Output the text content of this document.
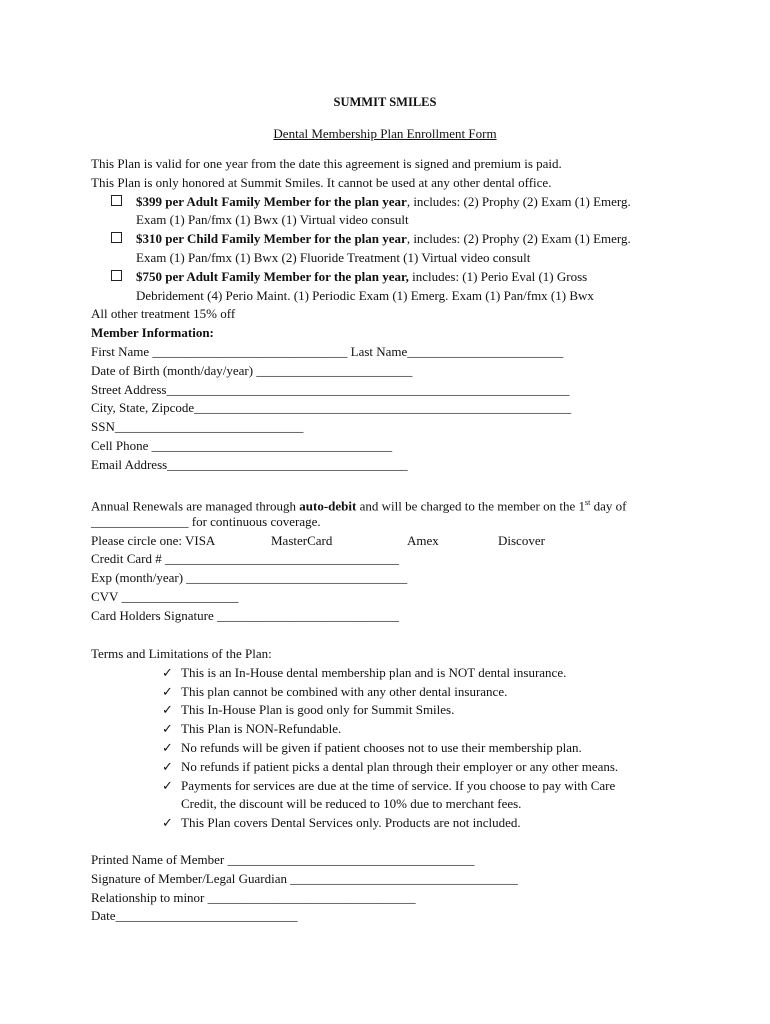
SUMMIT SMILES
Dental Membership Plan Enrollment Form
This Plan is valid for one year from the date this agreement is signed and premium is paid.
This Plan is only honored at Summit Smiles. It cannot be used at any other dental office.
$399 per Adult Family Member for the plan year, includes: (2) Prophy (2) Exam (1) Emerg.
Exam (1) Pan/fmx (1) Bwx (1) Virtual video consult
$310 per Child Family Member for the plan year, includes: (2) Prophy (2) Exam (1) Emerg.
Exam (1) Pan/fmx (1) Bwx (2) Fluoride Treatment (1) Virtual video consult
$750 per Adult Family Member for the plan year, includes: (1) Perio Eval (1) Gross
Debridement (4) Perio Maint. (1) Periodic Exam (1) Emerg. Exam (1) Pan/fmx (1) Bwx
All other treatment 15% off
Member Information:
First Name ______________________________ Last Name________________________
Date of Birth (month/day/year) ________________________
Street Address______________________________________________________________
City, State, Zipcode__________________________________________________________
SSN_____________________________
Cell Phone _____________________________________
Email Address_____________________________________
Annual Renewals are managed through auto-debit and will be charged to the member on the 1st day of
_______________ for continuous coverage.
Please circle one: VISA	MasterCard	Amex	Discover
Credit Card # ____________________________________
Exp (month/year) __________________________________
CVV __________________
Card Holders Signature ____________________________
Terms and Limitations of the Plan:
✓ This is an In-House dental membership plan and is NOT dental insurance.
✓ This plan cannot be combined with any other dental insurance.
✓ This In-House Plan is good only for Summit Smiles.
✓ This Plan is NON-Refundable.
✓ No refunds will be given if patient chooses not to use their membership plan.
✓ No refunds if patient picks a dental plan through their employer or any other means.
✓ Payments for services are due at the time of service. If you choose to pay with Care
Credit, the discount will be reduced to 10% due to merchant fees.
✓ This Plan covers Dental Services only. Products are not included.
Printed Name of Member ______________________________________
Signature of Member/Legal Guardian ___________________________________
Relationship to minor ________________________________
Date____________________________
